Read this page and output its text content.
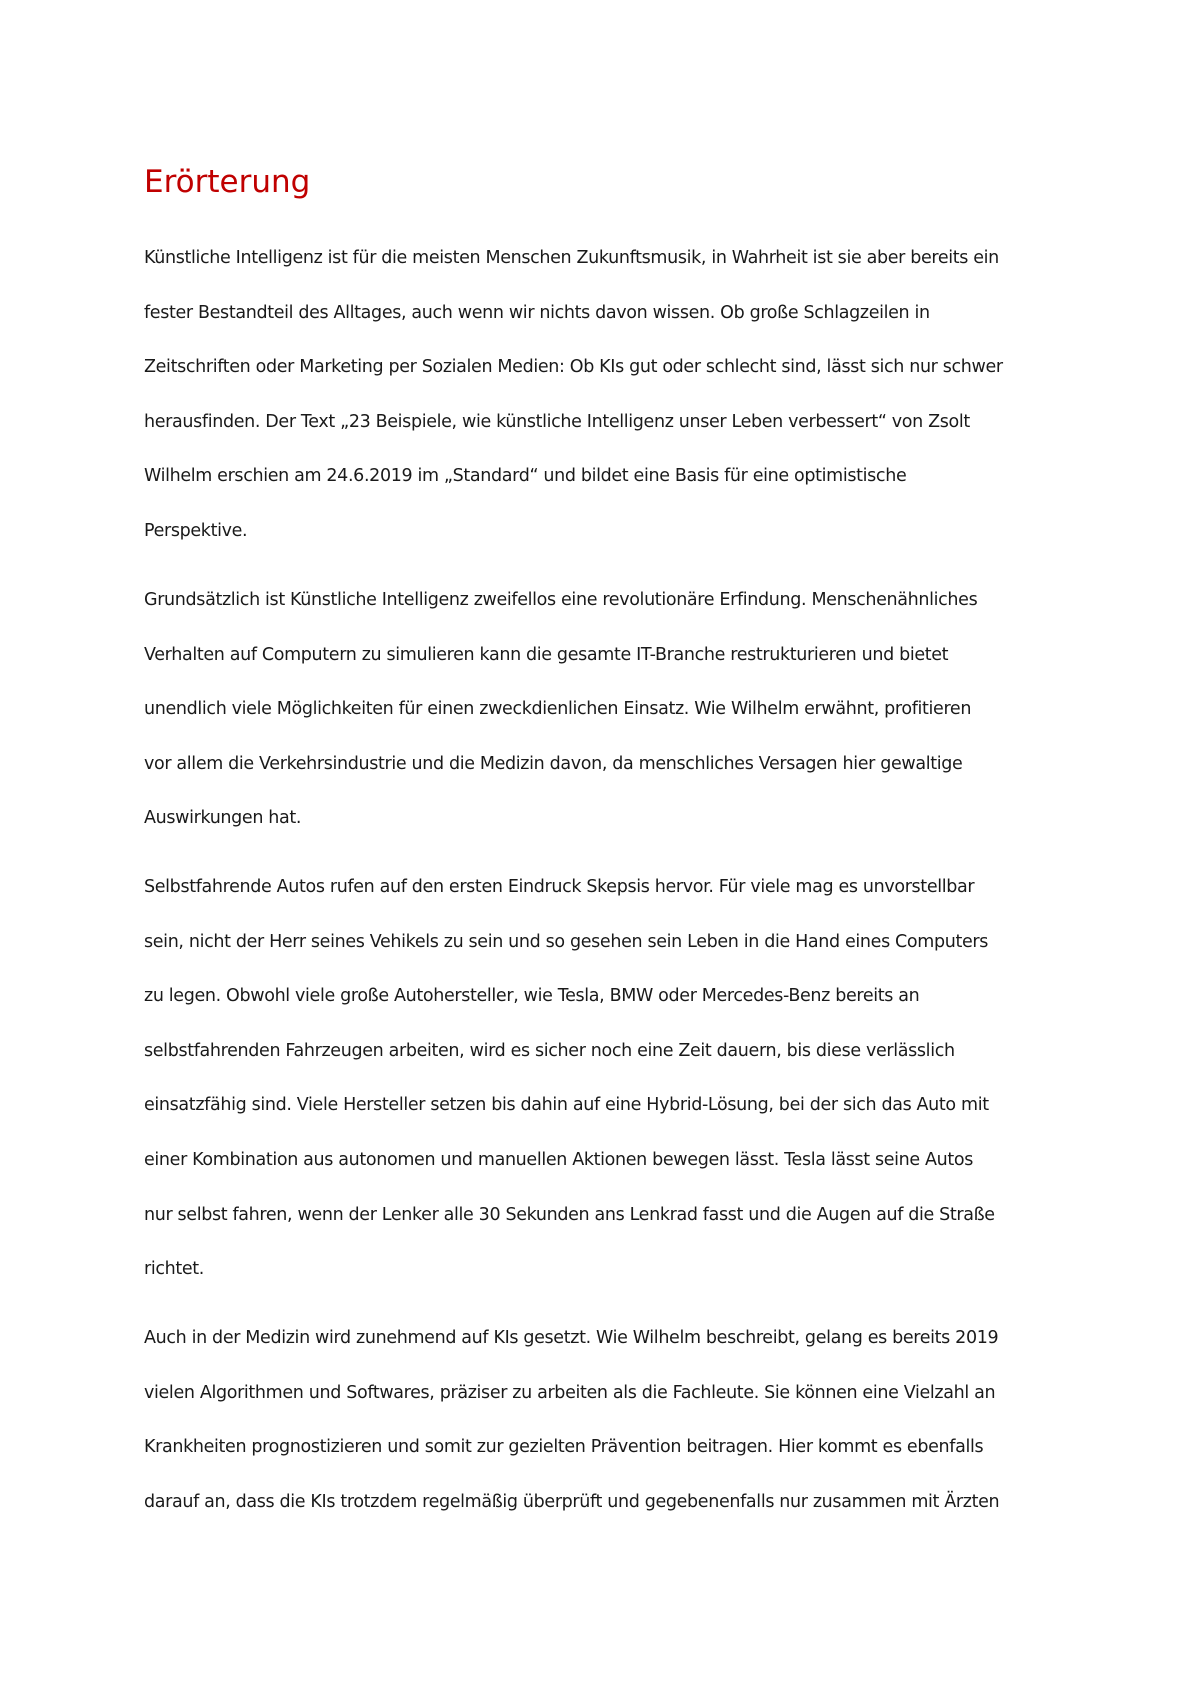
Erörterung
Künstliche Intelligenz ist für die meisten Menschen Zukunftsmusik, in Wahrheit ist sie aber bereits ein
fester Bestandteil des Alltages, auch wenn wir nichts davon wissen. Ob große Schlagzeilen in
Zeitschriften oder Marketing per Sozialen Medien: Ob KIs gut oder schlecht sind, lässt sich nur schwer
herausfinden. Der Text „23 Beispiele, wie künstliche Intelligenz unser Leben verbessert“ von Zsolt
Wilhelm erschien am 24.6.2019 im „Standard“ und bildet eine Basis für eine optimistische
Perspektive.
Grundsätzlich ist Künstliche Intelligenz zweifellos eine revolutionäre Erfindung. Menschenähnliches
Verhalten auf Computern zu simulieren kann die gesamte IT-Branche restrukturieren und bietet
unendlich viele Möglichkeiten für einen zweckdienlichen Einsatz. Wie Wilhelm erwähnt, profitieren
vor allem die Verkehrsindustrie und die Medizin davon, da menschliches Versagen hier gewaltige
Auswirkungen hat.
Selbstfahrende Autos rufen auf den ersten Eindruck Skepsis hervor. Für viele mag es unvorstellbar
sein, nicht der Herr seines Vehikels zu sein und so gesehen sein Leben in die Hand eines Computers
zu legen. Obwohl viele große Autohersteller, wie Tesla, BMW oder Mercedes-Benz bereits an
selbstfahrenden Fahrzeugen arbeiten, wird es sicher noch eine Zeit dauern, bis diese verlässlich
einsatzfähig sind. Viele Hersteller setzen bis dahin auf eine Hybrid-Lösung, bei der sich das Auto mit
einer Kombination aus autonomen und manuellen Aktionen bewegen lässt. Tesla lässt seine Autos
nur selbst fahren, wenn der Lenker alle 30 Sekunden ans Lenkrad fasst und die Augen auf die Straße
richtet.
Auch in der Medizin wird zunehmend auf KIs gesetzt. Wie Wilhelm beschreibt, gelang es bereits 2019
vielen Algorithmen und Softwares, präziser zu arbeiten als die Fachleute. Sie können eine Vielzahl an
Krankheiten prognostizieren und somit zur gezielten Prävention beitragen. Hier kommt es ebenfalls
darauf an, dass die KIs trotzdem regelmäßig überprüft und gegebenenfalls nur zusammen mit Ärzten
